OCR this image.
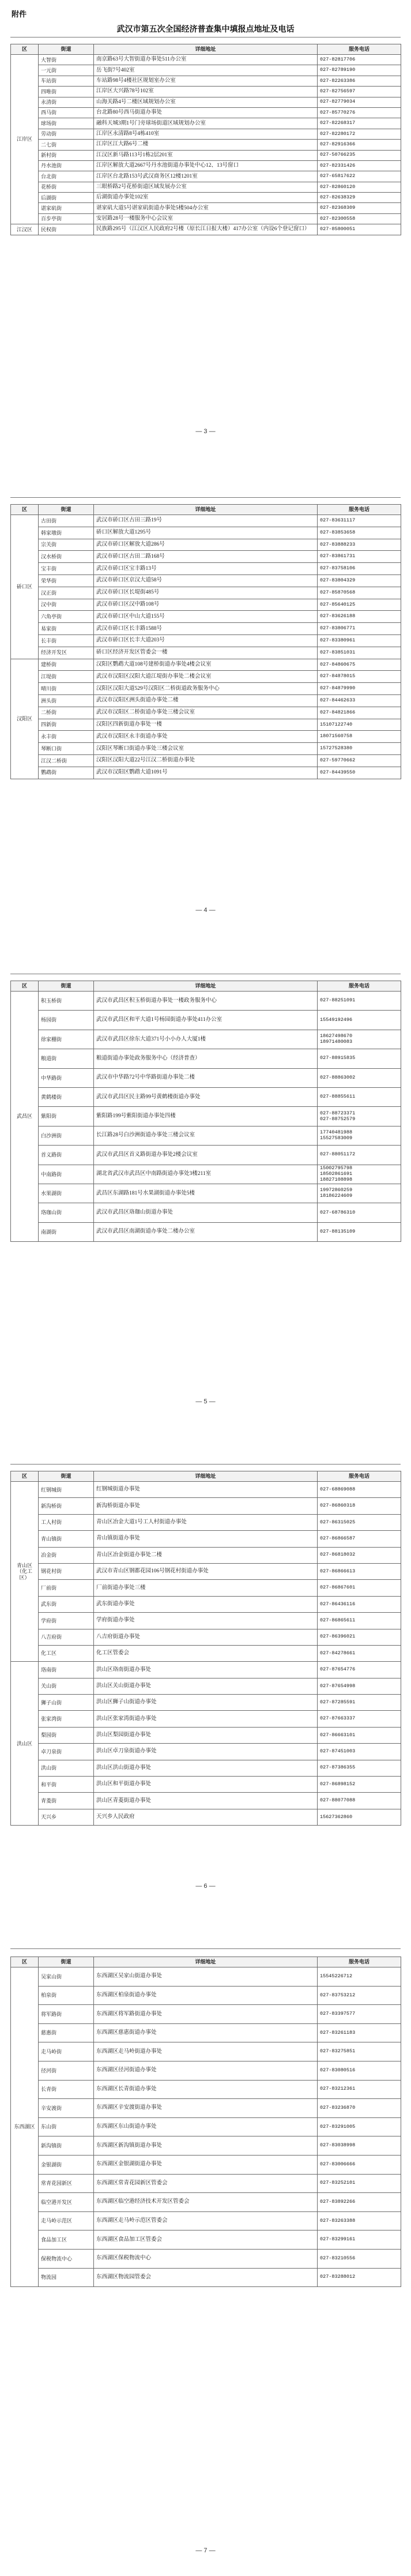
附件
武汉市第五次全国经济普查集中填报点地址及电话
区	街道	详细地址	服务电话
江岸区	大智街	南京路63号大智街道办事处511办公室	027-82817706
	一元街	岳飞街7号402室	027-82789190
	车站街	车站路98号4楼社区规划室办公室	027-82263386
	四唯街	江岸区大兴路78号102室	027-82756597
	永清街	山海关路4号二楼区域规划办公室	027-82779034
	西马街	台北路80号西马街道办事处	027-85770276
	球场街	融科天城3期1号门旁球场街道区域规划办公室	027-82268317
	劳动街	江岸区永清路8号4栋410室	027-82280172
	二七街	江岸区江大路6号二楼	027-82916366
	新村街	江汉区新马路113号1栋2层201室	027-50766235
	丹水池街	江岸区解放大道2667号丹水池街道办事处中心12、13号窗口	027-82331426
	台北街	江岸区台北路153号武汉商务区12楼1201室	027-65817622
	花桥街	三眼桥路2号花桥街道区域发展办公室	027-82860120
	后湖街	后湖街道办事处102室	027-82638329
	谌家矶街	谌家矶大道5号谌家矶街道办事处5楼504办公室	027-82368309
	百步亭街	安居路28号一楼服务中心会议室	027-82300558
江汉区	民权街	民族路295号（江汉区人民政府2号楼（原长江日报大楼）417办公室（内设6个登记窗口）	027-85800051
— 3 —
区	街道	详细地址	服务电话
硚口区	古田街	武汉市硚口区古田三路19号	027-83631117
	韩家墩街	硚口区解放大道1295号	027-83853658
	宗关街	武汉市硚口区解放大道286号	027-83888233
	汉水桥街	武汉市硚口区古田二路168号	027-83861731
	宝丰街	武汉市硚口区宝丰路13号	027-83758106
	荣华街	武汉市硚口区京汉大道58号	027-83804329
	汉正街	武汉市硚口区长堤街485号	027-85870568
	汉中街	武汉市硚口区汉中路108号	027-85640125
	六角亭街	武汉市硚口区中山大道155号	027-83626188
	易家街	武汉市硚口区长丰路1588号	027-83806771
	长丰街	武汉市硚口区长丰大道203号	027-83380961
	经济开发区	硚口区经济开发区管委会一楼	027-83851031
汉阳区	建桥街	汉阳区鹦鹉大道108号建桥街道办事处4楼会议室	027-84860675
	江堤街	武汉市汉阳区汉阳大道江堤街办事处二楼会议室	027-84878015
	晴川街	汉阳区汉阳大道529号汉阳区二桥街道政务服务中心	027-84879990
	洲头街	武汉市汉阳区洲头街道办事处二楼	027-84462633
	二桥街	武汉市汉阳区二桥街道办事处三楼会议室	027-84821866
	四新街	汉阳区四新街道办事处一楼	15107122740
	永丰街	武汉市汉阳区永丰街道办事处	18071560758
	琴断口街	汉阳区琴断口街道办事处三楼会议室	15727528380
	江汉二桥街	汉阳区汉阳大道22号江汉二桥街道办事处	027-59770662
	鹦鹉街	武汉市汉阳区鹦鹉大道1091号	027-84439550
— 4 —
区	街道	详细地址	服务电话
武昌区	积玉桥街	武汉市武昌区积玉桥街道办事处一楼政务服务中心	027-88251091
	杨园街	武汉市武昌区和平大道1号杨园街道办事处411办公室	15549192496
	徐家棚街	武汉市武昌区徐东大道371号小小办人大厦1楼	18627498670
18971480083
	粮道街	粮道街道办事处政务服务中心（经济普查）	027-88915835
	中华路街	武汉市中华路72号中华路街道办事处二楼	027-88863002
	黄鹤楼街	武汉市武昌区民主路99号黄鹤楼街道办事处	027-88855611
	紫阳街	紫阳路199号紫阳街道办事处四楼	027-88723371
027-88752579
	白沙洲街	长江路28号白沙洲街道办事处三楼会议室	17740481988
15527583009
	首义路街	武汉市武昌区首义路街道办事处2楼会议室	027-88051172
	中南路街	湖北省武汉市武昌区中南路街道办事处3楼211室	15002795798
18502861691
18827108898
	水果湖街	武昌区东湖路181号水果湖街道办事处5楼	19972860259
18186224609
	珞珈山街	武汉市武昌区珞珈山街道办事处	027-68786310
	南湖街	武汉市武昌区南湖街道办事处二楼办公室	027-88135109
— 5 —
区	街道	详细地址	服务电话
青山区（化工区）	红钢城街	红钢城街道办事处	027-68869088
	新沟桥街	新沟桥街道办事处	027-86860318
	工人村街	青山区冶金大道1号工人村街道办事处	027-86315025
	青山镇街	青山镇街道办事处	027-86866587
	冶金街	青山区冶金街道办事处二楼	027-86818032
	钢花村街	武汉市青山区钢都花园106号钢花村街道办事处	027-86866613
	厂前街	厂前街道办事处三楼	027-86867601
	武东街	武东街道办事处	027-86436116
	学府街	学府街道办事处	027-86865611
	八吉府街	八吉府街道办事处	027-86396021
	化工区	化工区管委会	027-84278661
洪山区	珞南街	洪山区珞南街道办事处	027-87654776
	关山街	洪山区关山街道办事处	027-87654998
	狮子山街	洪山区狮子山街道办事处	027-87285591
	张家湾街	洪山区张家湾街道办事处	027-87663337
	梨园街	洪山区梨园街道办事处	027-86663101
	卓刀泉街	洪山区卓刀泉街道办事处	027-87451003
	洪山街	洪山区洪山街道办事处	027-87386355
	和平街	洪山区和平街道办事处	027-86898152
	青菱街	洪山区青菱街道办事处	027-88077088
	天兴乡	天兴乡人民政府	15627362860
— 6 —
区	街道	详细地址	服务电话
东西湖区	吴家山街	东西湖区吴家山街道办事处	15545226712
	柏泉街	东西湖区柏泉街道办事处	027-83753212
	将军路街	东西湖区将军路街道办事处	027-83397577
	慈惠街	东西湖区慈惠街道办事处	027-83261183
	走马岭街	东西湖区走马岭街道办事处	027-83275851
	径河街	东西湖区径河街道办事处	027-83080516
	长青街	东西湖区长青街道办事处	027-83212361
	辛安渡街	东西湖区辛安渡街道办事处	027-83236870
	东山街	东西湖区东山街道办事处	027-83291005
	新沟镇街	东西湖区新沟镇街道办事处	027-83038998
	金银湖街	东西湖区金银湖街道办事处	027-83006666
	常青花园新区	东西湖区常青花园新区管委会	027-83252101
	临空港开发区	东西湖区临空港经济技术开发区管委会	027-83892266
	走马岭示范区	东西湖区走马岭示范区管委会	027-83263388
	食品加工区	东西湖区食品加工区管委会	027-83299161
	保税物流中心	东西湖区保税物流中心	027-83210556
	物流园	东西湖区物流园管委会	027-83288012
— 7 —
